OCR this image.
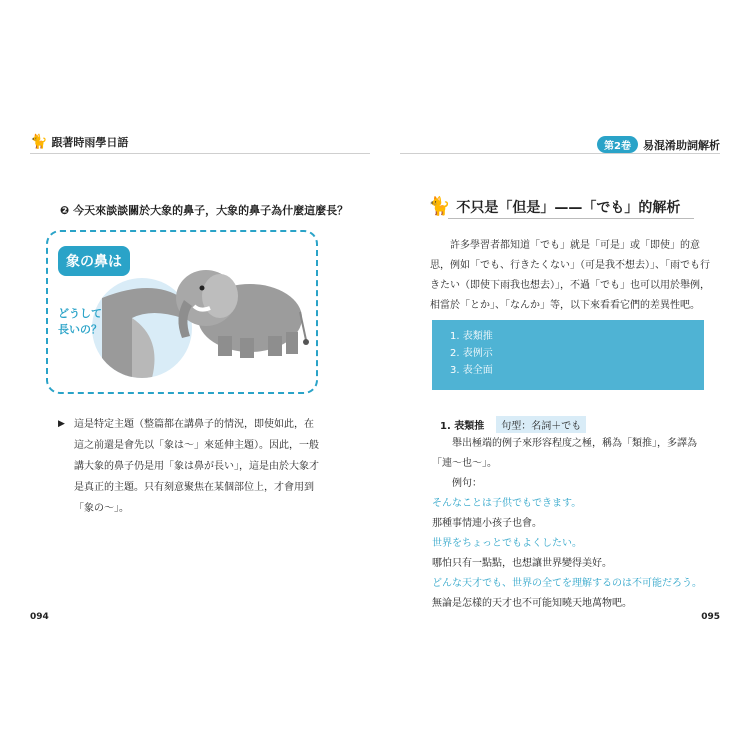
🐈 跟著時雨學日語	第2卷	易混淆助詞解析
❷ 今天來談談關於大象的鼻子，大象的鼻子為什麼這麼長？
象の鼻は
どうして
長いの？
▶ 這是特定主題（整篇都在講鼻子的情況，即使如此，在這之前還是會先以「象は～」來延伸主題）。因此，一般講大象的鼻子仍是用「象は鼻が長い」，這是由於大象才是真正的主題。只有刻意聚焦在某個部位上，才會用到「象の～」。
094
🐈 不只是「但是」——「でも」的解析
許多學習者都知道「でも」就是「可是」或「即使」的意思，例如「でも、行きたくない」（可是我不想去）」、「雨でも行きたい（即使下雨我也想去）」，不過「でも」也可以用於舉例，相當於「とか」、「なんか」等，以下來看看它們的差異性吧。
1. 表類推
2. 表例示
3. 表全面
1. 表類推	句型：名詞＋でも
舉出極端的例子來形容程度之極，稱為「類推」，多譯為「連～也～」。
例句：
そんなことは子供でもできます。
那種事情連小孩子也會。
世界をちょっとでもよくしたい。
哪怕只有一點點，也想讓世界變得美好。
どんな天才でも、世界の全てを理解するのは不可能だろう。
無論是怎樣的天才也不可能知曉天地萬物吧。
095
